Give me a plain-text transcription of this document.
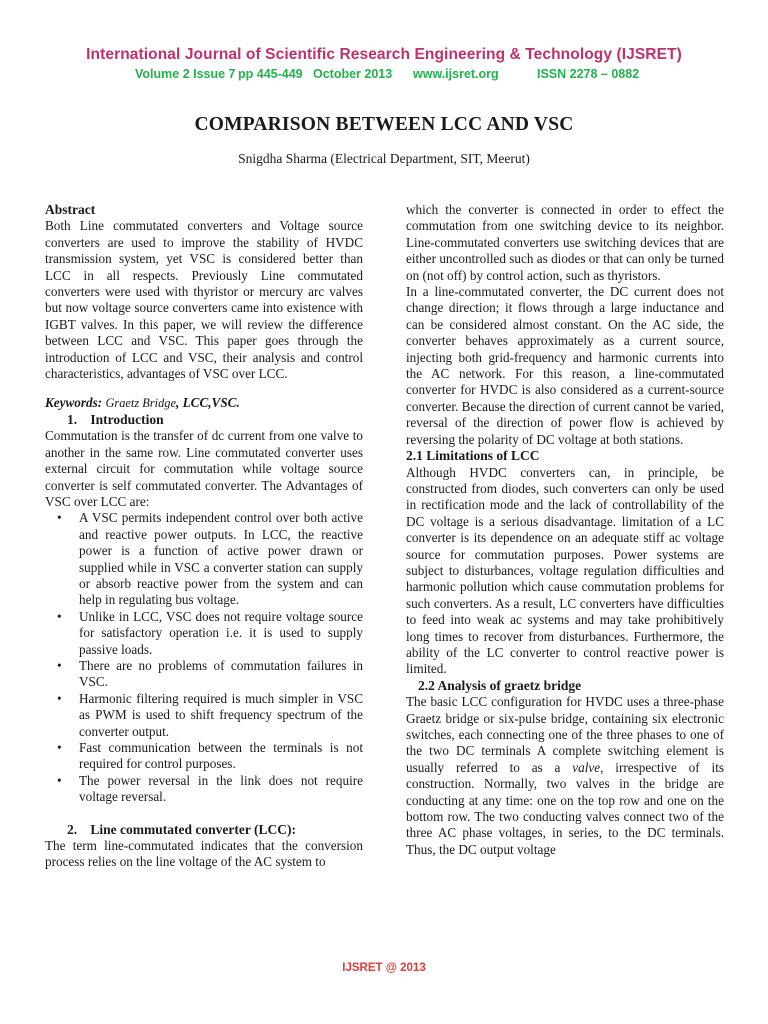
International Journal of Scientific Research Engineering & Technology (IJSRET)
Volume 2 Issue 7 pp 445-449 October 2013 www.ijsret.org	ISSN 2278 – 0882
COMPARISON BETWEEN LCC AND VSC
Snigdha Sharma (Electrical Department, SIT, Meerut)

Abstract

Both Line commutated converters and Voltage source converters are used to improve the stability of HVDC transmission system, yet VSC is considered better than LCC in all respects. Previously Line commutated converters were used with thyristor or mercury arc valves but now voltage source converters came into existence with IGBT valves. In this paper, we will review the difference between LCC and VSC. This paper goes through the introduction of LCC and VSC, their analysis and control characteristics, advantages of VSC over LCC.

Keywords: Graetz Bridge, LCC,VSC.

1. Introduction

Commutation is the transfer of dc current from one valve to another in the same row. Line commutated converter uses external circuit for commutation while voltage source converter is self commutated converter. The Advantages of VSC over LCC are:

• A VSC permits independent control over both active and reactive power outputs. In LCC, the reactive power is a function of active power drawn or supplied while in VSC a converter station can supply or absorb reactive power from the system and can help in regulating bus voltage.
• Unlike in LCC, VSC does not require voltage source for satisfactory operation i.e. it is used to supply passive loads.
• There are no problems of commutation failures in VSC.
• Harmonic filtering required is much simpler in VSC as PWM is used to shift frequency spectrum of the converter output.
• Fast communication between the terminals is not required for control purposes.
• The power reversal in the link does not require voltage reversal.

2. Line commutated converter (LCC):

The term line-commutated indicates that the conversion process relies on the line voltage of the AC system to

which the converter is connected in order to effect the commutation from one switching device to its neighbor. Line-commutated converters use switching devices that are either uncontrolled such as diodes or that can only be turned on (not off) by control action, such as thyristors.

In a line-commutated converter, the DC current does not change direction; it flows through a large inductance and can be considered almost constant. On the AC side, the converter behaves approximately as a current source, injecting both grid-frequency and harmonic currents into the AC network. For this reason, a line-commutated converter for HVDC is also considered as a current-source converter. Because the direction of current cannot be varied, reversal of the direction of power flow is achieved by reversing the polarity of DC voltage at both stations.

2.1 Limitations of LCC

Although HVDC converters can, in principle, be constructed from diodes, such converters can only be used in rectification mode and the lack of controllability of the DC voltage is a serious disadvantage. limitation of a LC converter is its dependence on an adequate stiff ac voltage source for commutation purposes. Power systems are subject to disturbances, voltage regulation difficulties and harmonic pollution which cause commutation problems for such converters. As a result, LC converters have difficulties to feed into weak ac systems and may take prohibitively long times to recover from disturbances. Furthermore, the ability of the LC converter to control reactive power is limited.

2.2 Analysis of graetz bridge

The basic LCC configuration for HVDC uses a three-phase Graetz bridge or six-pulse bridge, containing six electronic switches, each connecting one of the three phases to one of the two DC terminals A complete switching element is usually referred to as a valve, irrespective of its construction. Normally, two valves in the bridge are conducting at any time: one on the top row and one on the bottom row. The two conducting valves connect two of the three AC phase voltages, in series, to the DC terminals. Thus, the DC output voltage

IJSRET @ 2013
